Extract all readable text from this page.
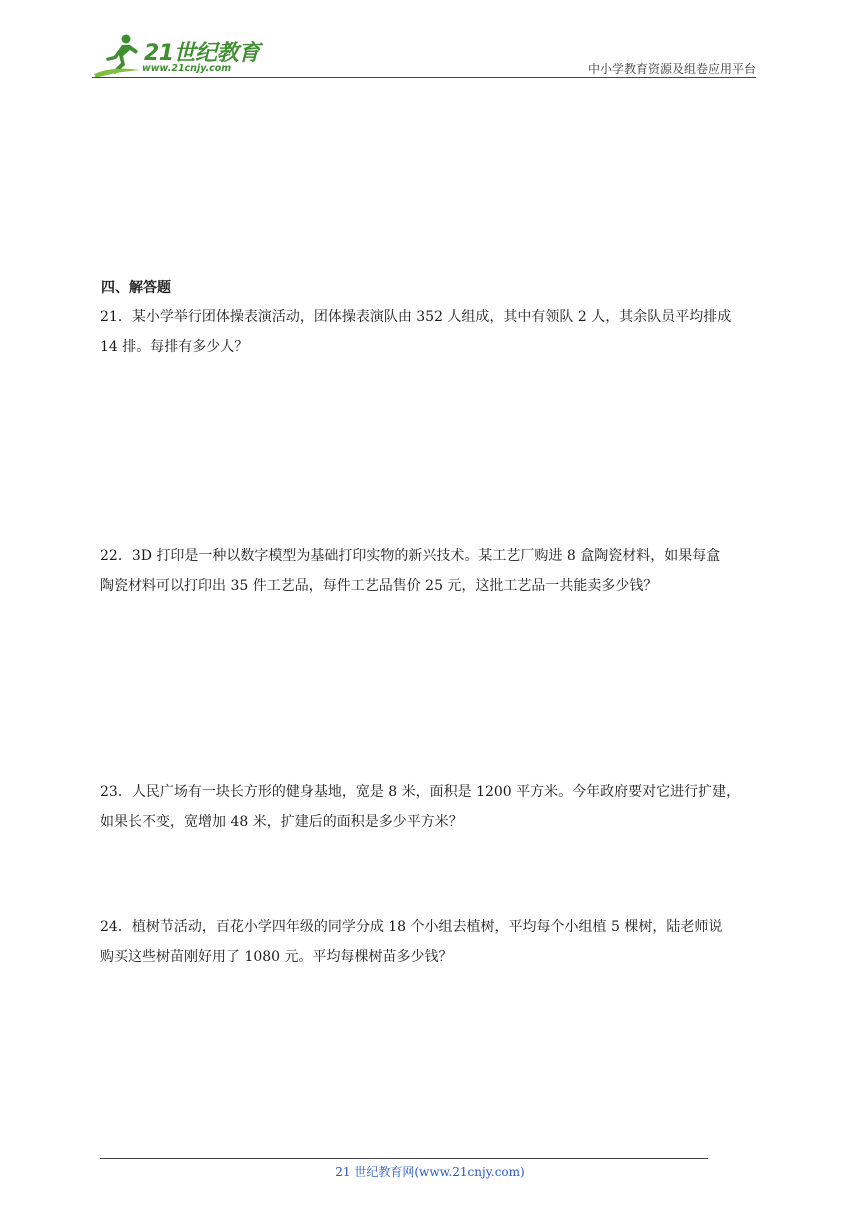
21世纪教育
www.21cnjy.com	中小学教育资源及组卷应用平台
四、解答题

21．某小学举行团体操表演活动，团体操表演队由 352 人组成，其中有领队 2 人，其余队员平均排成

14 排。每排有多少人？

22．3D 打印是一种以数字模型为基础打印实物的新兴技术。某工艺厂购进 8 盒陶瓷材料，如果每盒

陶瓷材料可以打印出 35 件工艺品，每件工艺品售价 25 元，这批工艺品一共能卖多少钱？

23．人民广场有一块长方形的健身基地，宽是 8 米，面积是 1200 平方米。今年政府要对它进行扩建，

如果长不变，宽增加 48 米，扩建后的面积是多少平方米？

24．植树节活动，百花小学四年级的同学分成 18 个小组去植树，平均每个小组植 5 棵树，陆老师说

购买这些树苗刚好用了 1080 元。平均每棵树苗多少钱？

21 世纪教育网(www.21cnjy.com)
